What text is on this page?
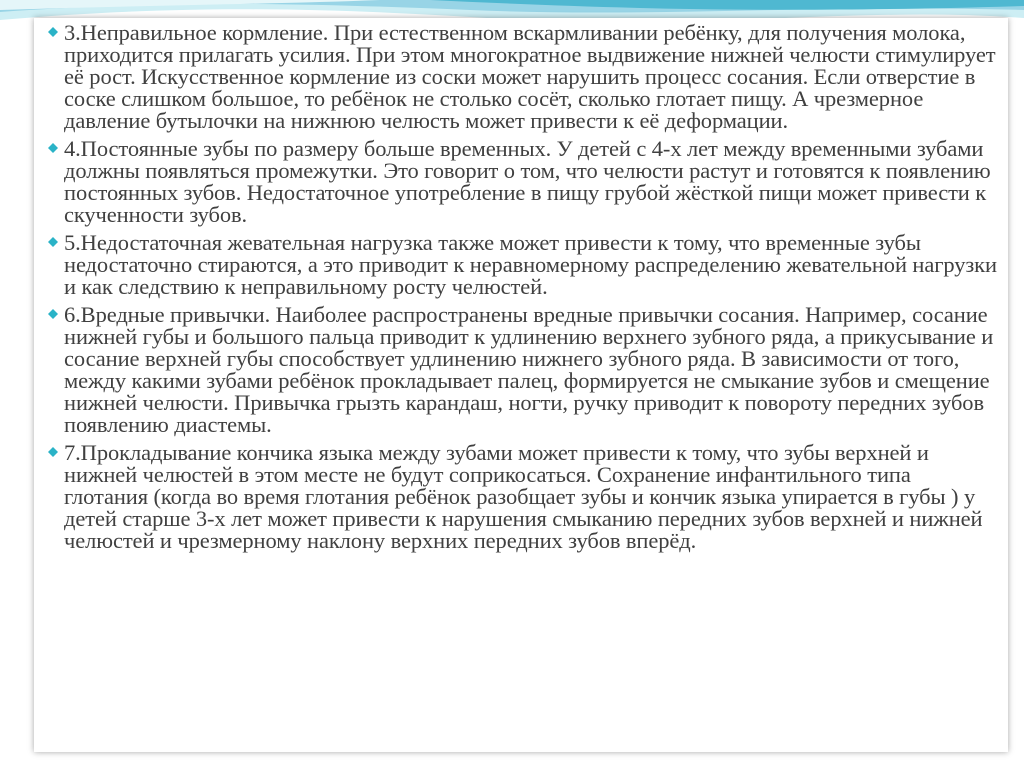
3.Неправильное кормление. При естественном вскармливании ребёнку, для получения молока, приходится прилагать усилия. При этом многократное выдвижение нижней челюсти стимулирует её рост. Искусственное кормление из соски может нарушить процесс сосания. Если отверстие в соске слишком большое, то ребёнок не столько сосёт, сколько глотает пищу. А чрезмерное давление бутылочки на нижнюю челюсть может привести к её деформации.
4.Постоянные зубы по размеру больше временных. У детей с 4-х лет между временными зубами должны появляться промежутки. Это говорит о том, что челюсти растут и готовятся к появлению постоянных зубов. Недостаточное употребление в пищу грубой жёсткой пищи может привести к скученности зубов.
5.Недостаточная жевательная нагрузка также может привести к тому, что временные зубы недостаточно стираются, а это приводит к неравномерному распределению жевательной нагрузки и как следствию к неправильному росту челюстей.
6.Вредные привычки. Наиболее распространены вредные привычки сосания. Например, сосание нижней губы и большого пальца приводит к удлинению верхнего зубного ряда, а прикусывание и сосание верхней губы способствует удлинению нижнего зубного ряда. В зависимости от того, между какими зубами ребёнок прокладывает палец, формируется не смыкание зубов и смещение нижней челюсти. Привычка грызть карандаш, ногти, ручку приводит к повороту передних зубов появлению диастемы.
7.Прокладывание кончика языка между зубами может привести к тому, что зубы верхней и нижней челюстей в этом месте не будут соприкосаться. Сохранение инфантильного типа глотания (когда во время глотания ребёнок разобщает зубы и кончик языка упирается в губы ) у детей старше 3-х лет может привести к нарушения смыканию передних зубов верхней и нижней челюстей и чрезмерному наклону верхних передних зубов вперёд.
